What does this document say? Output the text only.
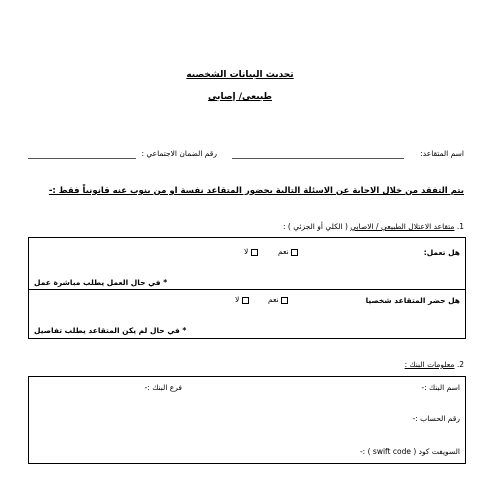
تحديث البيانات الشخصيه
طبيعي/ إصابي
اسم المتقاعد:
رقم الضمان الاجتماعي :
يتم التفقد من خلال الاجابة عن الاسئلة التالية بحضور المتقاعد نفسة او من ينوب عنه قانونياً فقط :-
1. متقاعد الاعتلال الطبيعي / الاصابي ( الكلي أو الجزئي ) :
هل تعمل:
لا	نعم
* في حال العمل يطلب مباشرة عمل
هل حضر المتقاعد شخصيا
لا	نعم
* في حال لم يكن المتقاعد يطلب تفاصيل
2. معلومات البنك :
اسم البنك :-
فرع البنك :-
رقم الحساب :-
السويفت كود ( swift code ) :-
